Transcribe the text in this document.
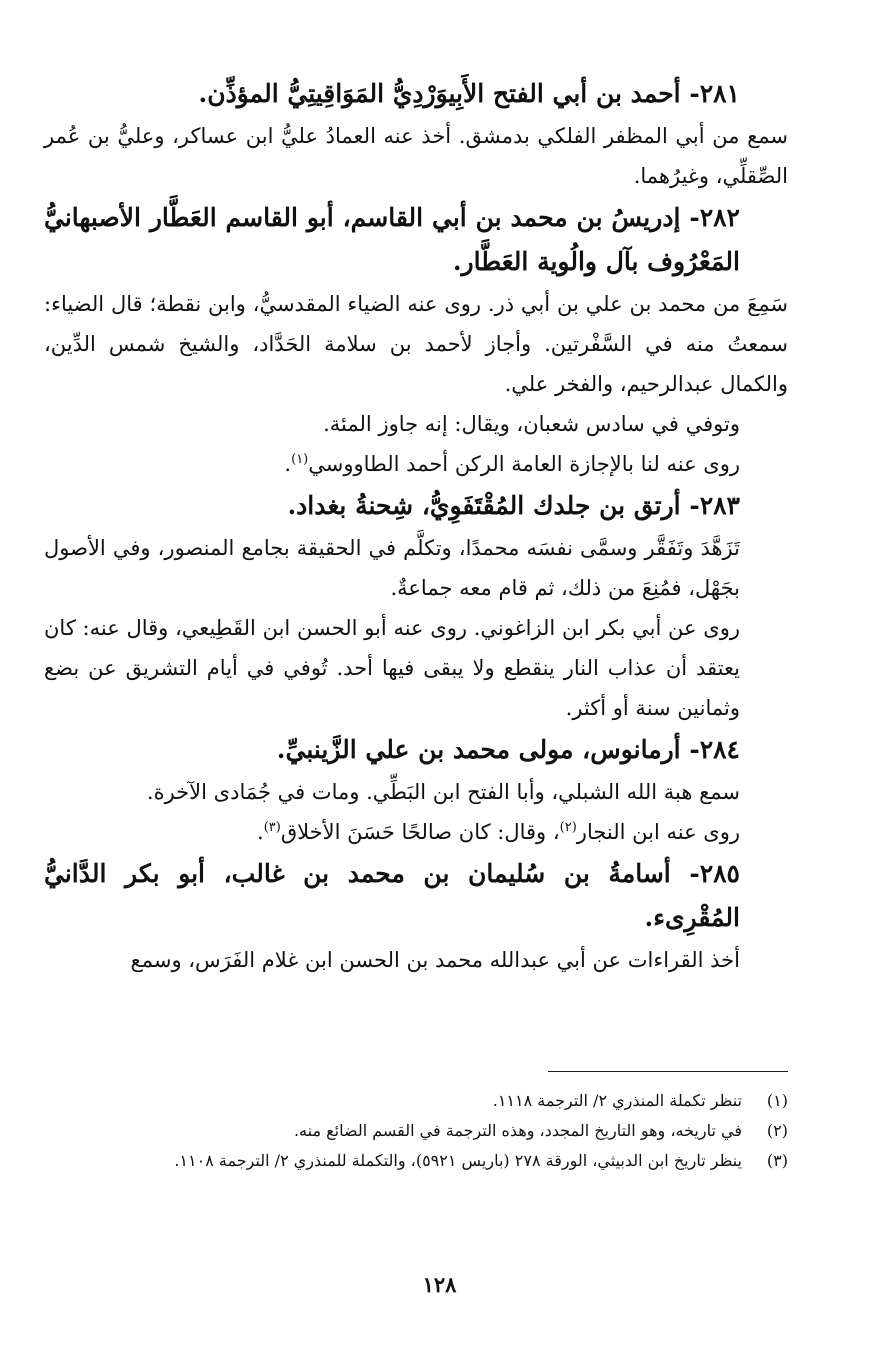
٢٨١- أحمد بن أبي الفتح الأَبِيوَرْدِيُّ المَوَاقِيتِيُّ المؤذِّن.

سمع من أبي المظفر الفلكي بدمشق. أخذ عنه العمادُ عليُّ ابن عساكر، وعليُّ بن عُمر الصِّقلِّي، وغيرُهما.

٢٨٢- إدريسُ بن محمد بن أبي القاسم، أبو القاسم العَطَّار الأصبهانيُّ المَعْرُوف بآل والُوية العَطَّار.

سَمِعَ من محمد بن علي بن أبي ذر. روى عنه الضياء المقدسيُّ، وابن نقطة؛ قال الضياء: سمعتُ منه في السَّفْرتين. وأجاز لأحمد بن سلامة الحَدَّاد، والشيخ شمس الدِّين، والكمال عبدالرحيم، والفخر علي.

وتوفي في سادس شعبان، ويقال: إنه جاوز المئة.

روى عنه لنا بالإجازة العامة الركن أحمد الطاووسي$^{(١)}$.

٢٨٣- أرتق بن جلدك المُقْتَفَوِيُّ، شِحنةُ بغداد.

تَزَهَّدَ وتَفَقَّر وسمَّى نفسَه محمدًا، وتكلَّم في الحقيقة بجامع المنصور، وفي الأصول بجَهْل، فمُنِعَ من ذلك، ثم قام معه جماعةٌ.

روى عن أبي بكر ابن الزاغوني. روى عنه أبو الحسن ابن القَطِيعي، وقال عنه: كان يعتقد أن عذاب النار ينقطع ولا يبقى فيها أحد. تُوفي في أيام التشريق عن بضع وثمانين سنة أو أكثر.

٢٨٤- أرمانوس، مولى محمد بن علي الزَّينبيِّ.

سمع هبة الله الشبلي، وأبا الفتح ابن البَطِّي. ومات في جُمَادى الآخرة.

روى عنه ابن النجار$^{(٢)}$، وقال: كان صالحًا حَسَنَ الأخلاق$^{(٣)}$.

٢٨٥- أسامةُ بن سُليمان بن محمد بن غالب، أبو بكر الدَّانيُّ المُقْرِىء.

أخذ القراءات عن أبي عبدالله محمد بن الحسن ابن غلام الفَرَس، وسمع

(١)
تنظر تكملة المنذري ٢/ الترجمة ١١١٨.

(٢)
في تاريخه، وهو التاريخ المجدد، وهذه الترجمة في القسم الضائع منه.

(٣)
ينظر تاريخ ابن الدبيثي، الورقة ٢٧٨ (باريس ٥٩٢١)، والتكملة للمنذري ٢/ الترجمة ١١٠٨.

١٢٨
